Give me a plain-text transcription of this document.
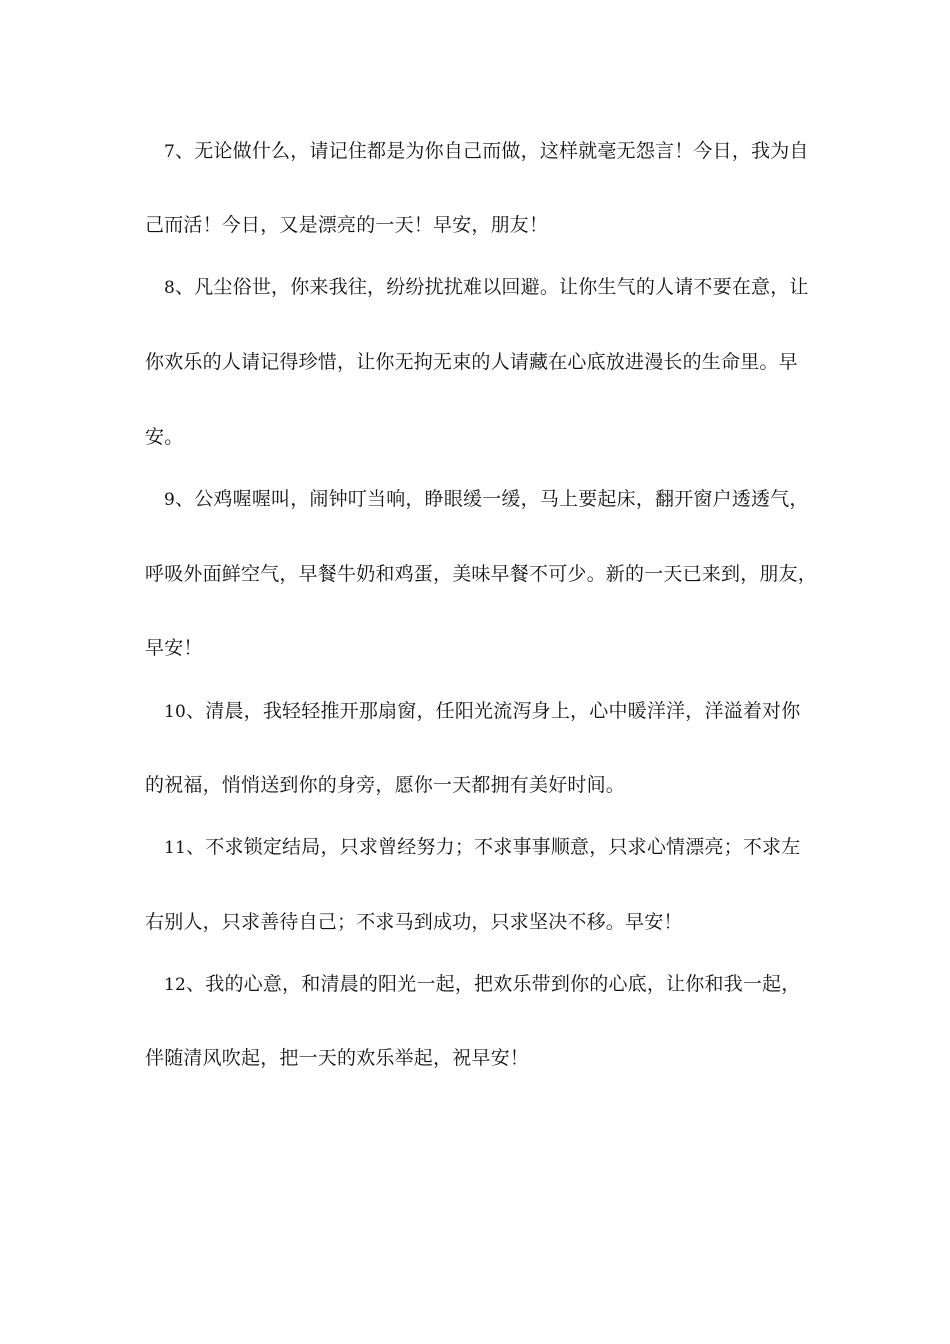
7、无论做什么，请记住都是为你自己而做，这样就毫无怨言！今日，我为自
己而活！今日，又是漂亮的一天！早安，朋友！
8、凡尘俗世，你来我往，纷纷扰扰难以回避。让你生气的人请不要在意，让
你欢乐的人请记得珍惜，让你无拘无束的人请藏在心底放进漫长的生命里。早
安。
9、公鸡喔喔叫，闹钟叮当响，睁眼缓一缓，马上要起床，翻开窗户透透气，
呼吸外面鲜空气，早餐牛奶和鸡蛋，美味早餐不可少。新的一天已来到，朋友，
早安！
10、清晨，我轻轻推开那扇窗，任阳光流泻身上，心中暖洋洋，洋溢着对你
的祝福，悄悄送到你的身旁，愿你一天都拥有美好时间。
11、不求锁定结局，只求曾经努力；不求事事顺意，只求心情漂亮；不求左
右别人，只求善待自己；不求马到成功，只求坚决不移。早安！
12、我的心意，和清晨的阳光一起，把欢乐带到你的心底，让你和我一起，
伴随清风吹起，把一天的欢乐举起，祝早安！
